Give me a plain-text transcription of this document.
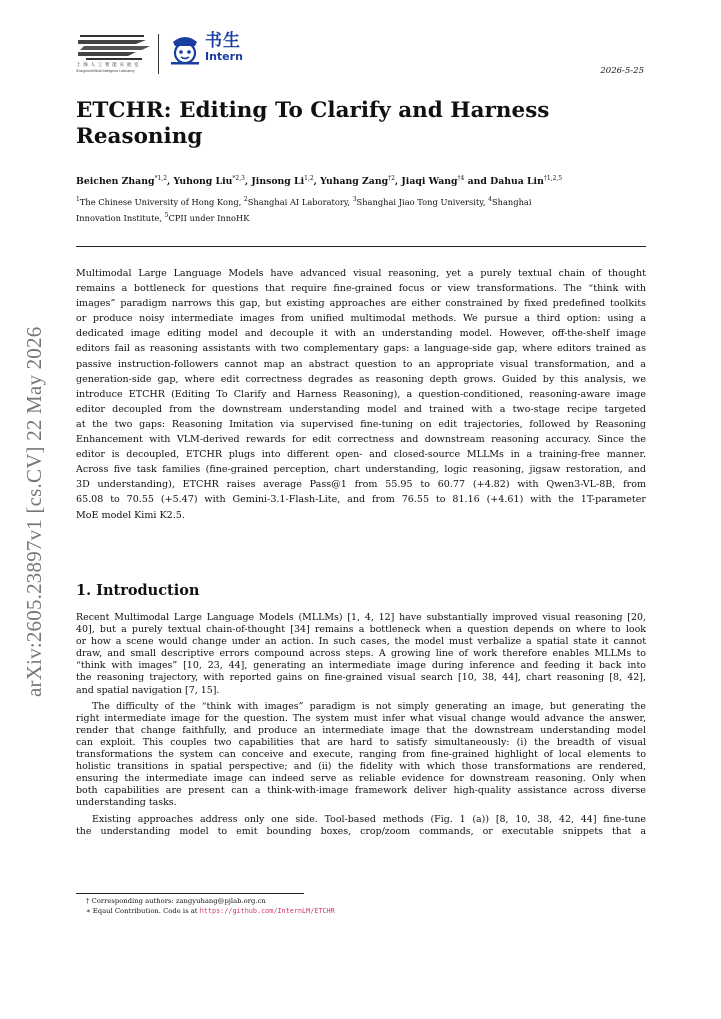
上 海 人 工 智 能 实 验 室
Shanghai Artificial Intelligence Laboratory
书生
Intern
2026-5-25
arXiv:2605.23897v1 [cs.CV] 22 May 2026
ETCHR: Editing To Clarify and Harness
Reasoning
Beichen Zhang$^{*1,2}$, Yuhong Liu$^{*2,3}$, Jinsong Li$^{1,2}$, Yuhang Zang$^{\dagger 2}$, Jiaqi Wang$^{\dagger 4}$ and Dahua Lin$^{\dagger 1,2,5}$
$^1$The Chinese University of Hong Kong, $^2$Shanghai AI Laboratory, $^3$Shanghai Jiao Tong University, $^4$Shanghai
Innovation Institute, $^5$CPII under InnoHK
Multimodal Large Language Models have advanced visual reasoning, yet a purely textual chain of thought
remains a bottleneck for questions that require fine-grained focus or view transformations. The “think with
images” paradigm narrows this gap, but existing approaches are either constrained by fixed predefined toolkits
or produce noisy intermediate images from unified multimodal methods. We pursue a third option: using a
dedicated image editing model and decouple it with an understanding model. However, off-the-shelf image
editors fail as reasoning assistants with two complementary gaps: a language-side gap, where editors trained as
passive instruction-followers cannot map an abstract question to an appropriate visual transformation, and a
generation-side gap, where edit correctness degrades as reasoning depth grows. Guided by this analysis, we
introduce ETCHR (Editing To Clarify and Harness Reasoning), a question-conditioned, reasoning-aware image
editor decoupled from the downstream understanding model and trained with a two-stage recipe targeted
at the two gaps: Reasoning Imitation via supervised fine-tuning on edit trajectories, followed by Reasoning
Enhancement with VLM-derived rewards for edit correctness and downstream reasoning accuracy. Since the
editor is decoupled, ETCHR plugs into different open- and closed-source MLLMs in a training-free manner.
Across five task families (fine-grained perception, chart understanding, logic reasoning, jigsaw restoration, and
3D understanding), ETCHR raises average Pass@1 from 55.95 to 60.77 (+4.82) with Qwen3-VL-8B, from
65.08 to 70.55 (+5.47) with Gemini-3.1-Flash-Lite, and from 76.55 to 81.16 (+4.61) with the 1T-parameter
MoE model Kimi K2.5.
1. Introduction
Recent Multimodal Large Language Models (MLLMs) [1, 4, 12] have substantially improved visual reasoning [20,
40], but a purely textual chain-of-thought [34] remains a bottleneck when a question depends on where to look
or how a scene would change under an action. In such cases, the model must verbalize a spatial state it cannot
draw, and small descriptive errors compound across steps. A growing line of work therefore enables MLLMs to
“think with images” [10, 23, 44], generating an intermediate image during inference and feeding it back into
the reasoning trajectory, with reported gains on fine-grained visual search [10, 38, 44], chart reasoning [8, 42],
and spatial navigation [7, 15].
The difficulty of the “think with images” paradigm is not simply generating an image, but generating the
right intermediate image for the question. The system must infer what visual change would advance the answer,
render that change faithfully, and produce an intermediate image that the downstream understanding model
can exploit. This couples two capabilities that are hard to satisfy simultaneously: (i) the breadth of visual
transformations the system can conceive and execute, ranging from fine-grained highlight of local elements to
holistic transitions in spatial perspective; and (ii) the fidelity with which those transformations are rendered,
ensuring the intermediate image can indeed serve as reliable evidence for downstream reasoning. Only when
both capabilities are present can a think-with-image framework deliver high-quality assistance across diverse
understanding tasks.
Existing approaches address only one side. Tool-based methods (Fig. 1 (a)) [8, 10, 38, 42, 44] fine-tune
the understanding model to emit bounding boxes, crop/zoom commands, or executable snippets that a
† Corresponding authors: zangyuhang@pjlab.org.cn
∗ Eqaul Contribution. Code is at https://github.com/InternLM/ETCHR
